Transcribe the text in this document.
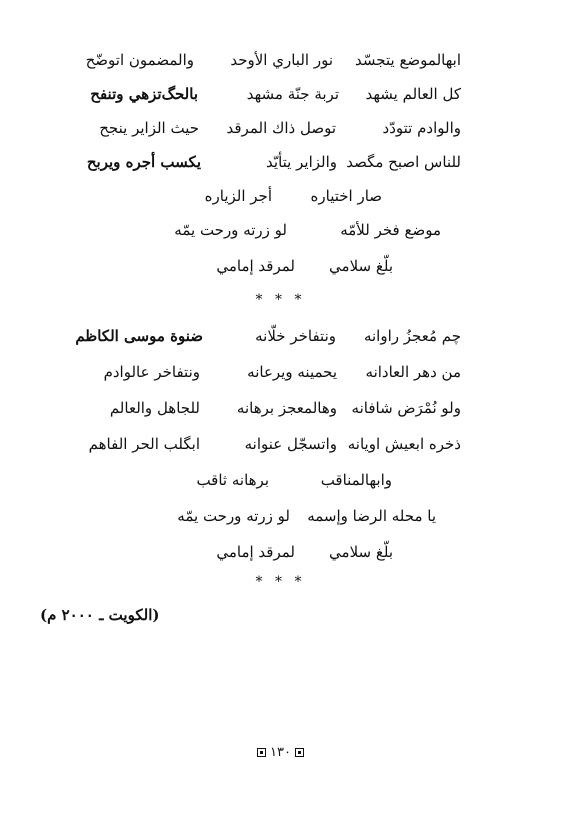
ابهالموضع يتجسّد
نور الباري الأوحد
والمضمون اتوضّح
كل العالم يشهد
تربة جنّة مشهد
بالحگ‌تزهي وتنفح
والوادم تتودّد
توصل ذاك المرقد
حيث الزاير ينجح
للناس اصبح مگصد
والزاير يتأيّد
يكسب أجره ويربح
صار اختياره
أجر الزياره
موضع فخر للأمّه
لو زرته ورحت يمّه
بلّغ سلامي
لمرقد إمامي
* * *
چم مُعجزُ راوانه
ونتفاخر خلّانه
ضنوة موسى الكاظم
من دهر العادانه
يحمينه ويرعانه
ونتفاخر عالوادم
ولو نُمْرَض شافانه
وهالمعجز برهانه
للجاهل والعالم
ذخره ابعيش اويانه
واتسجّل عنوانه
ابگلب الحر الفاهم
وابهالمناقب
برهانه ثاقب
يا محله الرضا وإسمه
لو زرته ورحت يمّه
بلّغ سلامي
لمرقد إمامي
* * *
(الكويت ـ ٢٠٠٠ م)
١٣٠
